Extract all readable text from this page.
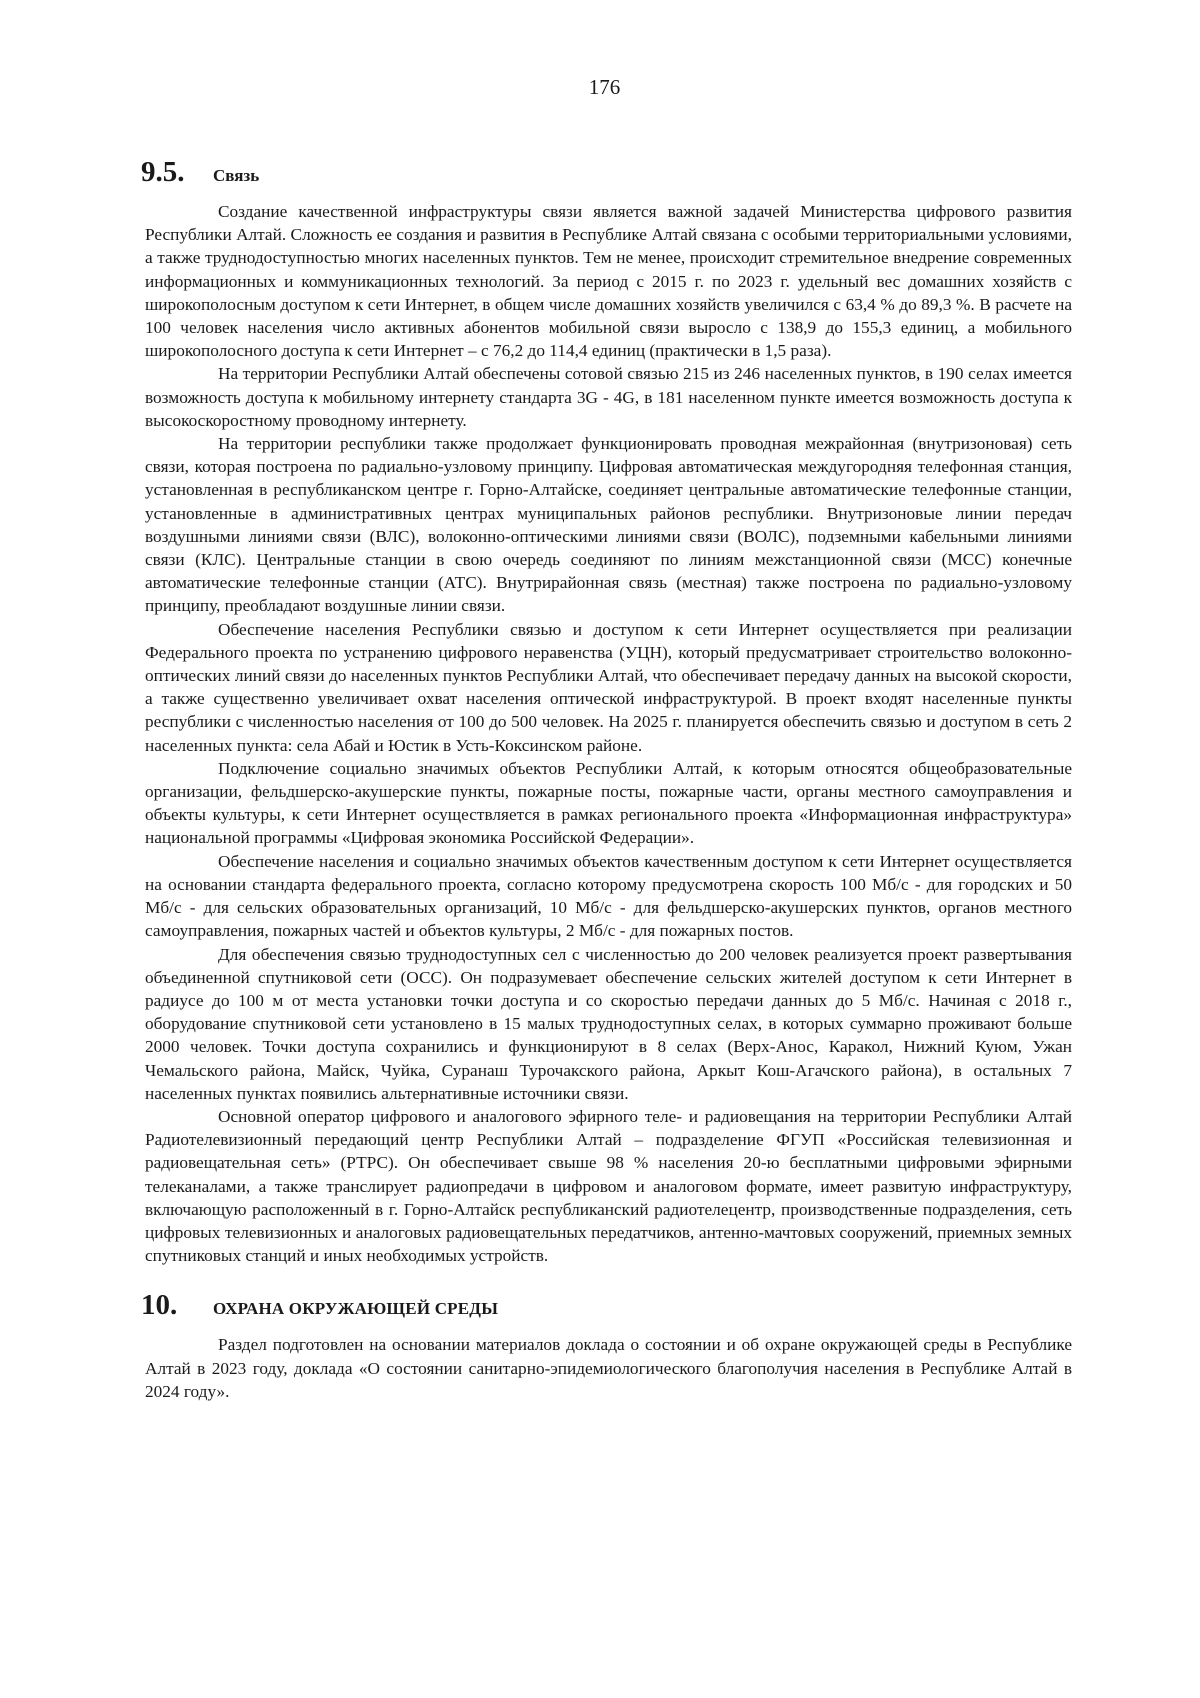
176
9.5.	Связь

Создание качественной инфраструктуры связи является важной задачей Министерства цифрового развития Республики Алтай. Сложность ее создания и развития в Республике Алтай связана с особыми территориальными условиями, а также труднодоступностью многих населенных пунктов. Тем не менее, происходит стремительное внедрение современных информационных и коммуникационных технологий. За период с 2015 г. по 2023 г. удельный вес домашних хозяйств с широкополосным доступом к сети Интернет, в общем числе домашних хозяйств увеличился с 63,4 % до 89,3 %. В расчете на 100 человек населения число активных абонентов мобильной связи выросло с 138,9 до 155,3 единиц, а мобильного широкополосного доступа к сети Интернет – с 76,2 до 114,4 единиц (практически в 1,5 раза).

На территории Республики Алтай обеспечены сотовой связью 215 из 246 населенных пунктов, в 190 селах имеется возможность доступа к мобильному интернету стандарта 3G - 4G, в 181 населенном пункте имеется возможность доступа к высокоскоростному проводному интернету.

На территории республики также продолжает функционировать проводная межрайонная (внутризоновая) сеть связи, которая построена по радиально-узловому принципу. Цифровая автоматическая междугородняя телефонная станция, установленная в республиканском центре г. Горно-Алтайске, соединяет центральные автоматические телефонные станции, установленные в административных центрах муниципальных районов республики. Внутризоновые линии передач воздушными линиями связи (ВЛС), волоконно-оптическими линиями связи (ВОЛС), подземными кабельными линиями связи (КЛС). Центральные станции в свою очередь соединяют по линиям межстанционной связи (МСС) конечные автоматические телефонные станции (АТС). Внутрирайонная связь (местная) также построена по радиально-узловому принципу, преобладают воздушные линии связи.

Обеспечение населения Республики связью и доступом к сети Интернет осуществляется при реализации Федерального проекта по устранению цифрового неравенства (УЦН), который предусматривает строительство волоконно-оптических линий связи до населенных пунктов Республики Алтай, что обеспечивает передачу данных на высокой скорости, а также существенно увеличивает охват населения оптической инфраструктурой. В проект входят населенные пункты республики с численностью населения от 100 до 500 человек. На 2025 г. планируется обеспечить связью и доступом в сеть 2 населенных пункта: села Абай и Юстик в Усть-Коксинском районе.

Подключение социально значимых объектов Республики Алтай, к которым относятся общеобразовательные организации, фельдшерско-акушерские пункты, пожарные посты, пожарные части, органы местного самоуправления и объекты культуры, к сети Интернет осуществляется в рамках регионального проекта «Информационная инфраструктура» национальной программы «Цифровая экономика Российской Федерации».

Обеспечение населения и социально значимых объектов качественным доступом к сети Интернет осуществляется на основании стандарта федерального проекта, согласно которому предусмотрена скорость 100 Мб/с - для городских и 50 Мб/с - для сельских образовательных организаций, 10 Мб/с - для фельдшерско-акушерских пунктов, органов местного самоуправления, пожарных частей и объектов культуры, 2 Мб/с - для пожарных постов.

Для обеспечения связью труднодоступных сел с численностью до 200 человек реализуется проект развертывания объединенной спутниковой сети (ОСС). Он подразумевает обеспечение сельских жителей доступом к сети Интернет в радиусе до 100 м от места установки точки доступа и со скоростью передачи данных до 5 Мб/с. Начиная с 2018 г., оборудование спутниковой сети установлено в 15 малых труднодоступных селах, в которых суммарно проживают больше 2000 человек. Точки доступа сохранились и функционируют в 8 селах (Верх-Анос, Каракол, Нижний Куюм, Ужан Чемальского района, Майск, Чуйка, Суранаш Турочакского района, Аркыт Кош-Агачского района), в остальных 7 населенных пунктах появились альтернативные источники связи.

Основной оператор цифрового и аналогового эфирного теле- и радиовещания на территории Республики Алтай Радиотелевизионный передающий центр Республики Алтай – подразделение ФГУП «Российская телевизионная и радиовещательная сеть» (РТРС). Он обеспечивает свыше 98 % населения 20-ю бесплатными цифровыми эфирными телеканалами, а также транслирует радиопредачи в цифровом и аналоговом формате, имеет развитую инфраструктуру, включающую расположенный в г. Горно-Алтайск республиканский радиотелецентр, производственные подразделения, сеть цифровых телевизионных и аналоговых радиовещательных передатчиков, антенно-мачтовых сооружений, приемных земных спутниковых станций и иных необходимых устройств.

10.	ОХРАНА ОКРУЖАЮЩЕЙ СРЕДЫ

Раздел подготовлен на основании материалов доклада о состоянии и об охране окружающей среды в Республике Алтай в 2023 году, доклада «О состоянии санитарно-эпидемиологического благополучия населения в Республике Алтай в 2024 году».
